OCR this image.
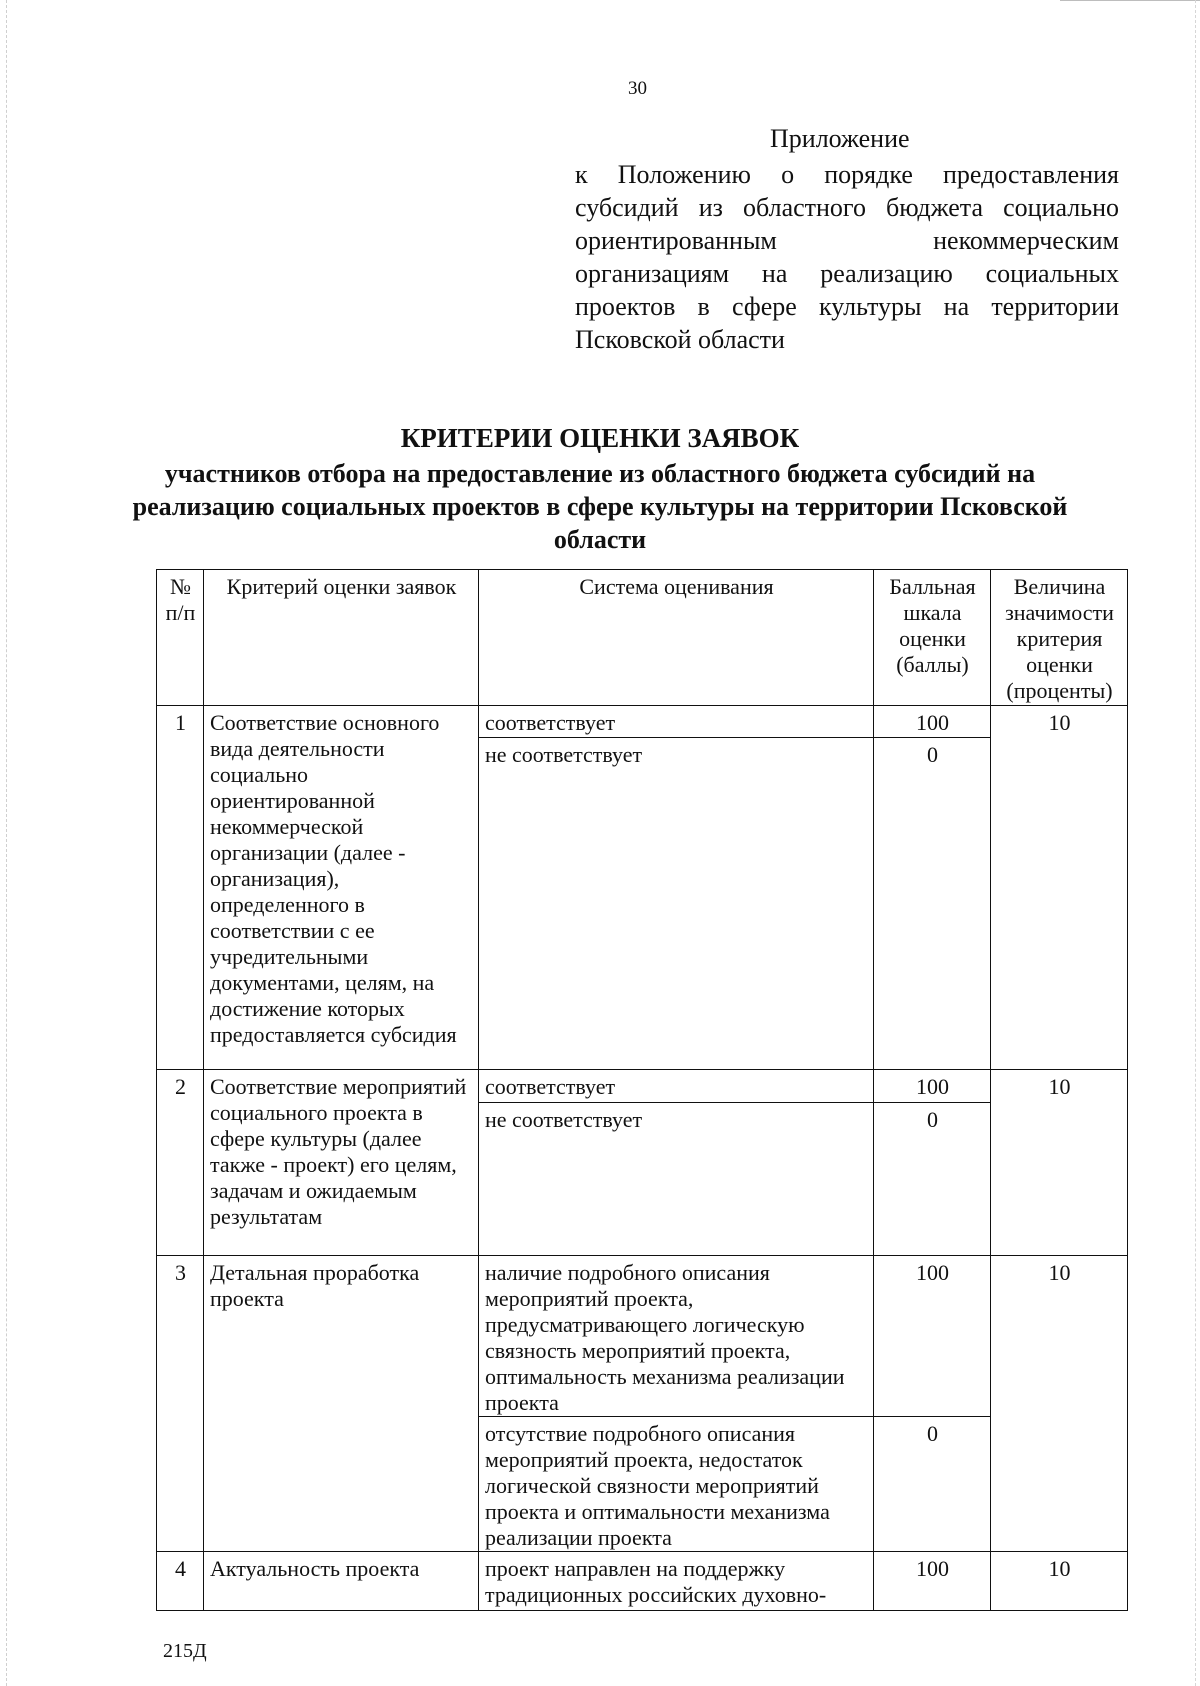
30
Приложение
к Положению о порядке предоставления субсидий из областного бюджета социально ориентированным некоммерческим организациям на реализацию социальных проектов в сфере культуры на территории Псковской области
КРИТЕРИИ ОЦЕНКИ ЗАЯВОК
участников отбора на предоставление из областного бюджета субсидий на реализацию социальных проектов в сфере культуры на территории Псковской области
№ п/п	Критерий оценки заявок	Система оценивания	Балльная шкала оценки (баллы)	Величина значимости критерия оценки (проценты)
1	Соответствие основного вида деятельности социально ориентированной некоммерческой организации (далее - организация), определенного в соответствии с ее учредительными документами, целям, на достижение которых предоставляется субсидия	соответствует	100	10
		не соответствует	0	
2	Соответствие мероприятий социального проекта в сфере культуры (далее также - проект) его целям, задачам и ожидаемым результатам	соответствует	100	10
		не соответствует	0	
3	Детальная проработка проекта	наличие подробного описания мероприятий проекта, предусматривающего логическую связность мероприятий проекта, оптимальность механизма реализации проекта	100	10
		отсутствие подробного описания мероприятий проекта, недостаток логической связности мероприятий проекта и оптимальности механизма реализации проекта	0	
4	Актуальность проекта	проект направлен на поддержку традиционных российских духовно-	100	10
215Д
